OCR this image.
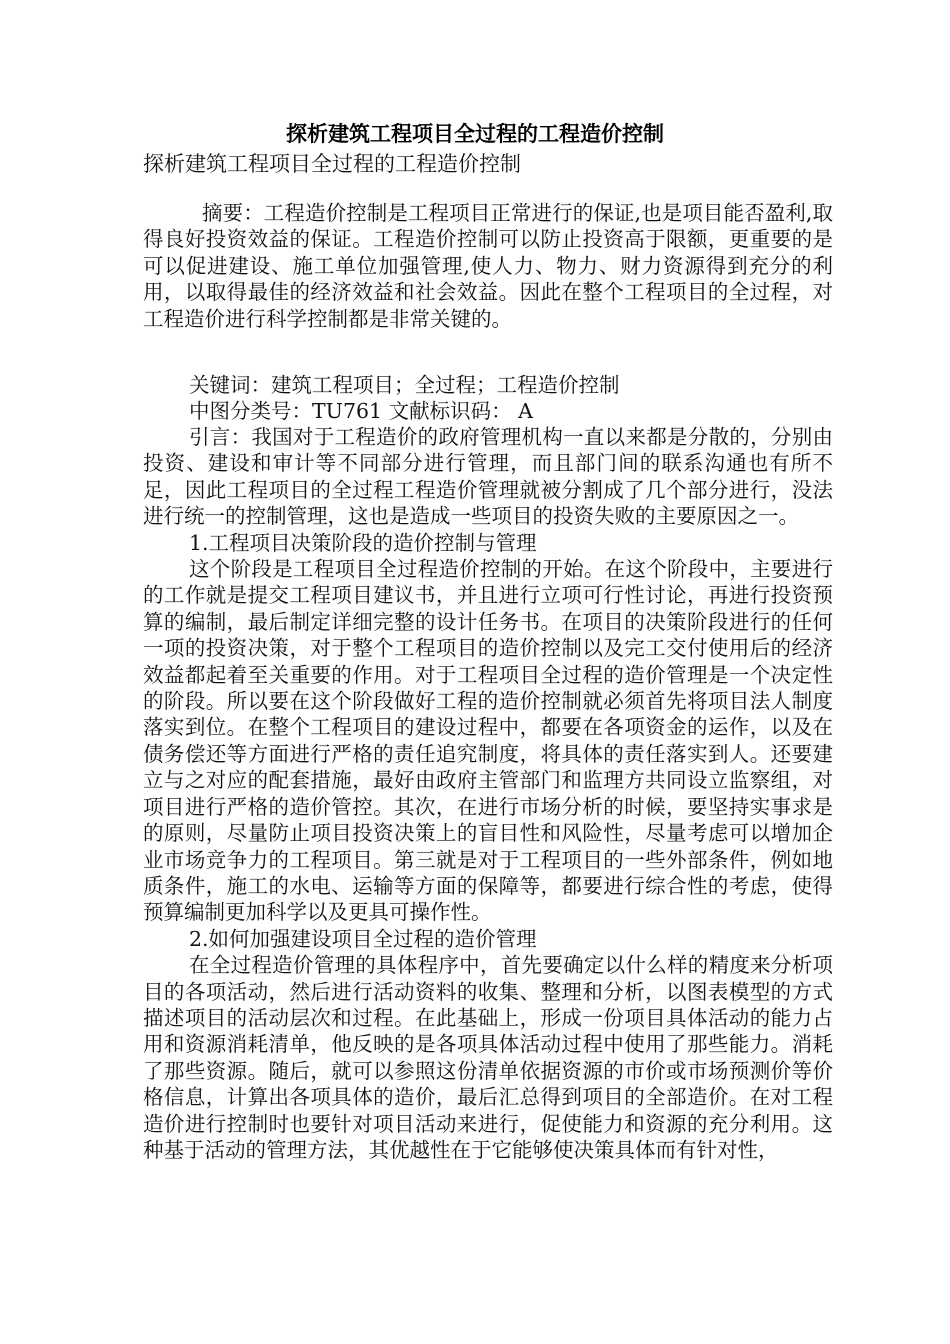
探析建筑工程项目全过程的工程造价控制
探析建筑工程项目全过程的工程造价控制

摘要：工程造价控制是工程项目正常进行的保证,也是项目能否盈利,取得良好投资效益的保证。工程造价控制可以防止投资高于限额，更重要的是可以促进建设、施工单位加强管理,使人力、物力、财力资源得到充分的利用，以取得最佳的经济效益和社会效益。因此在整个工程项目的全过程，对工程造价进行科学控制都是非常关键的。

关键词：建筑工程项目；全过程；工程造价控制

中图分类号：TU761 文献标识码： A

引言：我国对于工程造价的政府管理机构一直以来都是分散的，分别由投资、建设和审计等不同部分进行管理，而且部门间的联系沟通也有所不足，因此工程项目的全过程工程造价管理就被分割成了几个部分进行，没法进行统一的控制管理，这也是造成一些项目的投资失败的主要原因之一。

1.工程项目决策阶段的造价控制与管理

这个阶段是工程项目全过程造价控制的开始。在这个阶段中，主要进行的工作就是提交工程项目建议书，并且进行立项可行性讨论，再进行投资预算的编制，最后制定详细完整的设计任务书。在项目的决策阶段进行的任何一项的投资决策，对于整个工程项目的造价控制以及完工交付使用后的经济效益都起着至关重要的作用。对于工程项目全过程的造价管理是一个决定性的阶段。所以要在这个阶段做好工程的造价控制就必须首先将项目法人制度落实到位。在整个工程项目的建设过程中，都要在各项资金的运作，以及在债务偿还等方面进行严格的责任追究制度，将具体的责任落实到人。还要建立与之对应的配套措施，最好由政府主管部门和监理方共同设立监察组，对项目进行严格的造价管控。其次，在进行市场分析的时候，要坚持实事求是的原则，尽量防止项目投资决策上的盲目性和风险性，尽量考虑可以增加企业市场竞争力的工程项目。第三就是对于工程项目的一些外部条件，例如地质条件，施工的水电、运输等方面的保障等，都要进行综合性的考虑，使得预算编制更加科学以及更具可操作性。

2.如何加强建设项目全过程的造价管理

在全过程造价管理的具体程序中，首先要确定以什么样的精度来分析项目的各项活动，然后进行活动资料的收集、整理和分析，以图表模型的方式描述项目的活动层次和过程。在此基础上，形成一份项目具体活动的能力占用和资源消耗清单，他反映的是各项具体活动过程中使用了那些能力。消耗了那些资源。随后，就可以参照这份清单依据资源的市价或市场预测价等价格信息，计算出各项具体的造价，最后汇总得到项目的全部造价。在对工程造价进行控制时也要针对项目活动来进行，促使能力和资源的充分利用。这种基于活动的管理方法，其优越性在于它能够使决策具体而有针对性，
